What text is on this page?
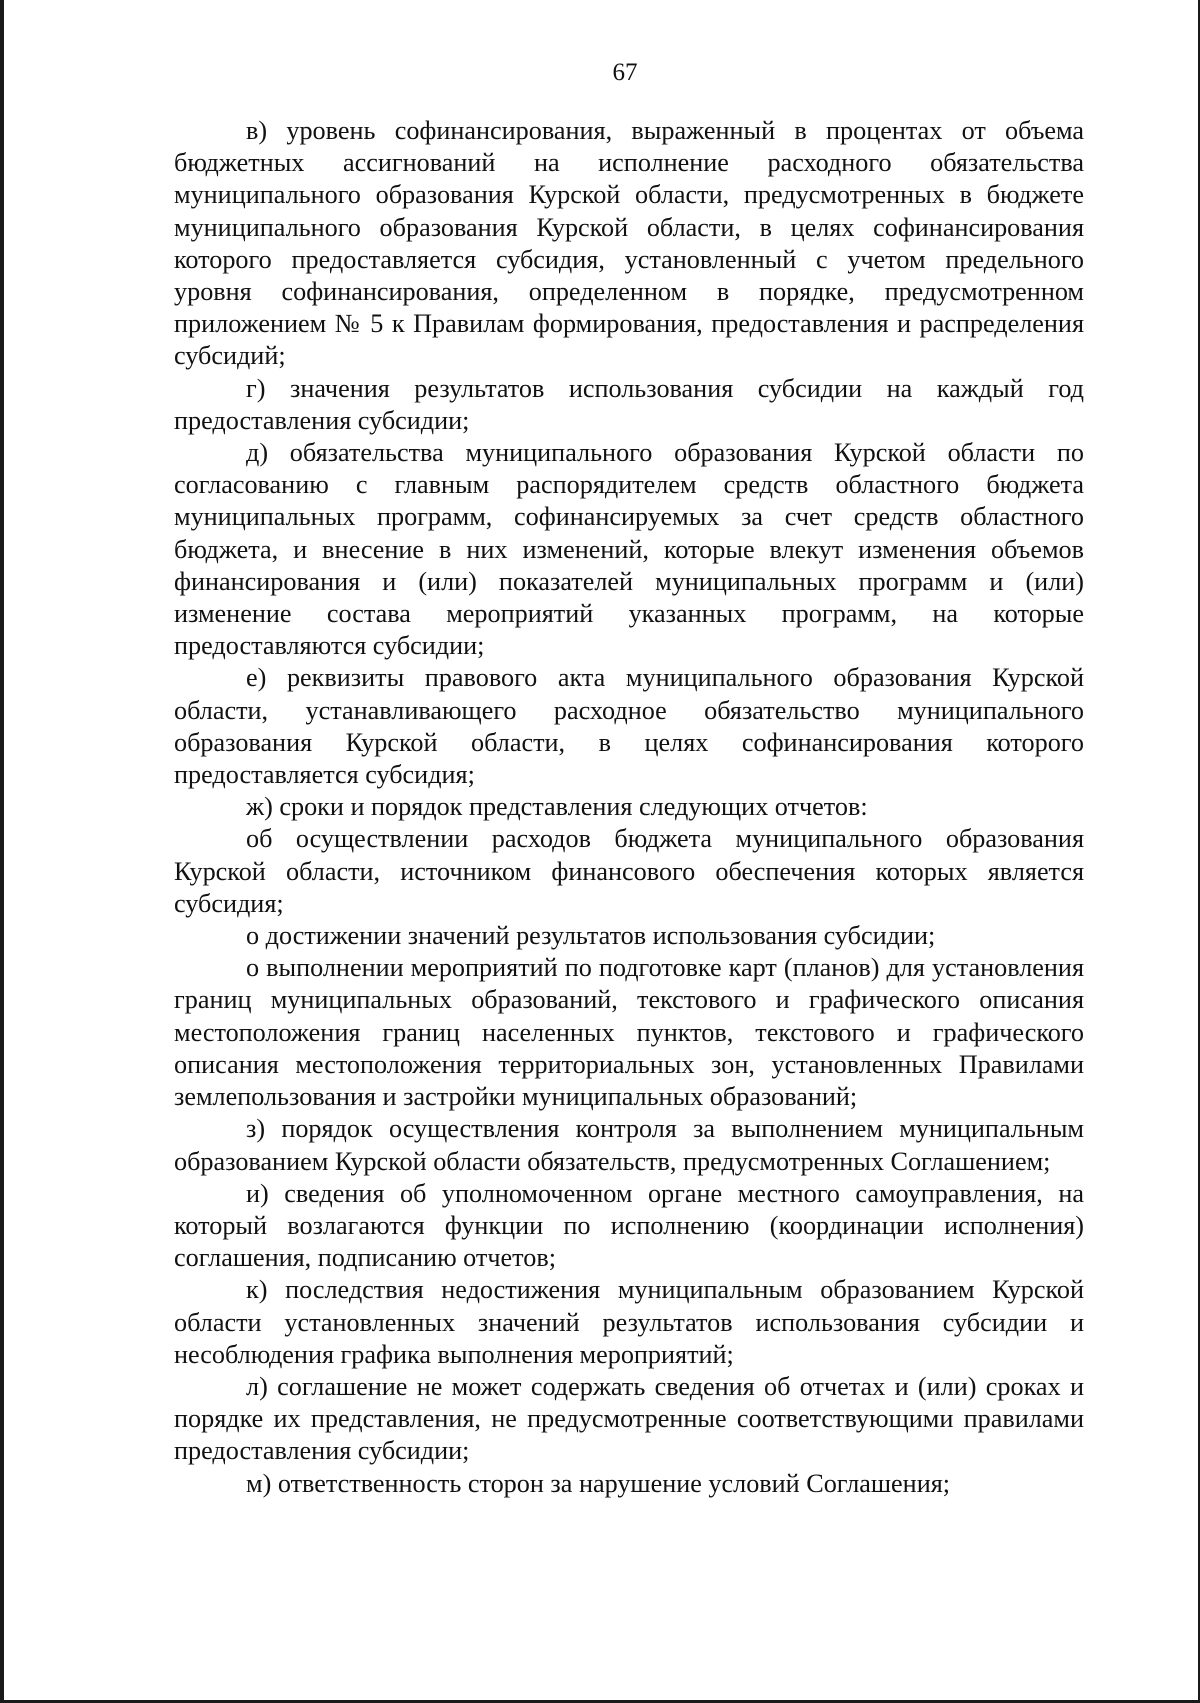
67

в) уровень софинансирования, выраженный в процентах от объема бюджетных ассигнований на исполнение расходного обязательства муниципального образования Курской области, предусмотренных в бюджете муниципального образования Курской области, в целях софинансирования которого предоставляется субсидия, установленный с учетом предельного уровня софинансирования, определенном в порядке, предусмотренном приложением № 5 к Правилам формирования, предоставления и распределения субсидий;

г) значения результатов использования субсидии на каждый год предоставления субсидии;

д) обязательства муниципального образования Курской области по согласованию с главным распорядителем средств областного бюджета муниципальных программ, софинансируемых за счет средств областного бюджета, и внесение в них изменений, которые влекут изменения объемов финансирования и (или) показателей муниципальных программ и (или) изменение состава мероприятий указанных программ, на которые предоставляются субсидии;

е) реквизиты правового акта муниципального образования Курской области, устанавливающего расходное обязательство муниципального образования Курской области, в целях софинансирования которого предоставляется субсидия;

ж) сроки и порядок представления следующих отчетов:

об осуществлении расходов бюджета муниципального образования Курской области, источником финансового обеспечения которых является субсидия;

о достижении значений результатов использования субсидии;

о выполнении мероприятий по подготовке карт (планов) для установления границ муниципальных образований, текстового и графического описания местоположения границ населенных пунктов, текстового и графического описания местоположения территориальных зон, установленных Правилами землепользования и застройки муниципальных образований;

з) порядок осуществления контроля за выполнением муниципальным образованием Курской области обязательств, предусмотренных Соглашением;

и) сведения об уполномоченном органе местного самоуправления, на который возлагаются функции по исполнению (координации исполнения) соглашения, подписанию отчетов;

к) последствия недостижения муниципальным образованием Курской области установленных значений результатов использования субсидии и несоблюдения графика выполнения мероприятий;

л) соглашение не может содержать сведения об отчетах и (или) сроках и порядке их представления, не предусмотренные соответствующими правилами предоставления субсидии;

м) ответственность сторон за нарушение условий Соглашения;
